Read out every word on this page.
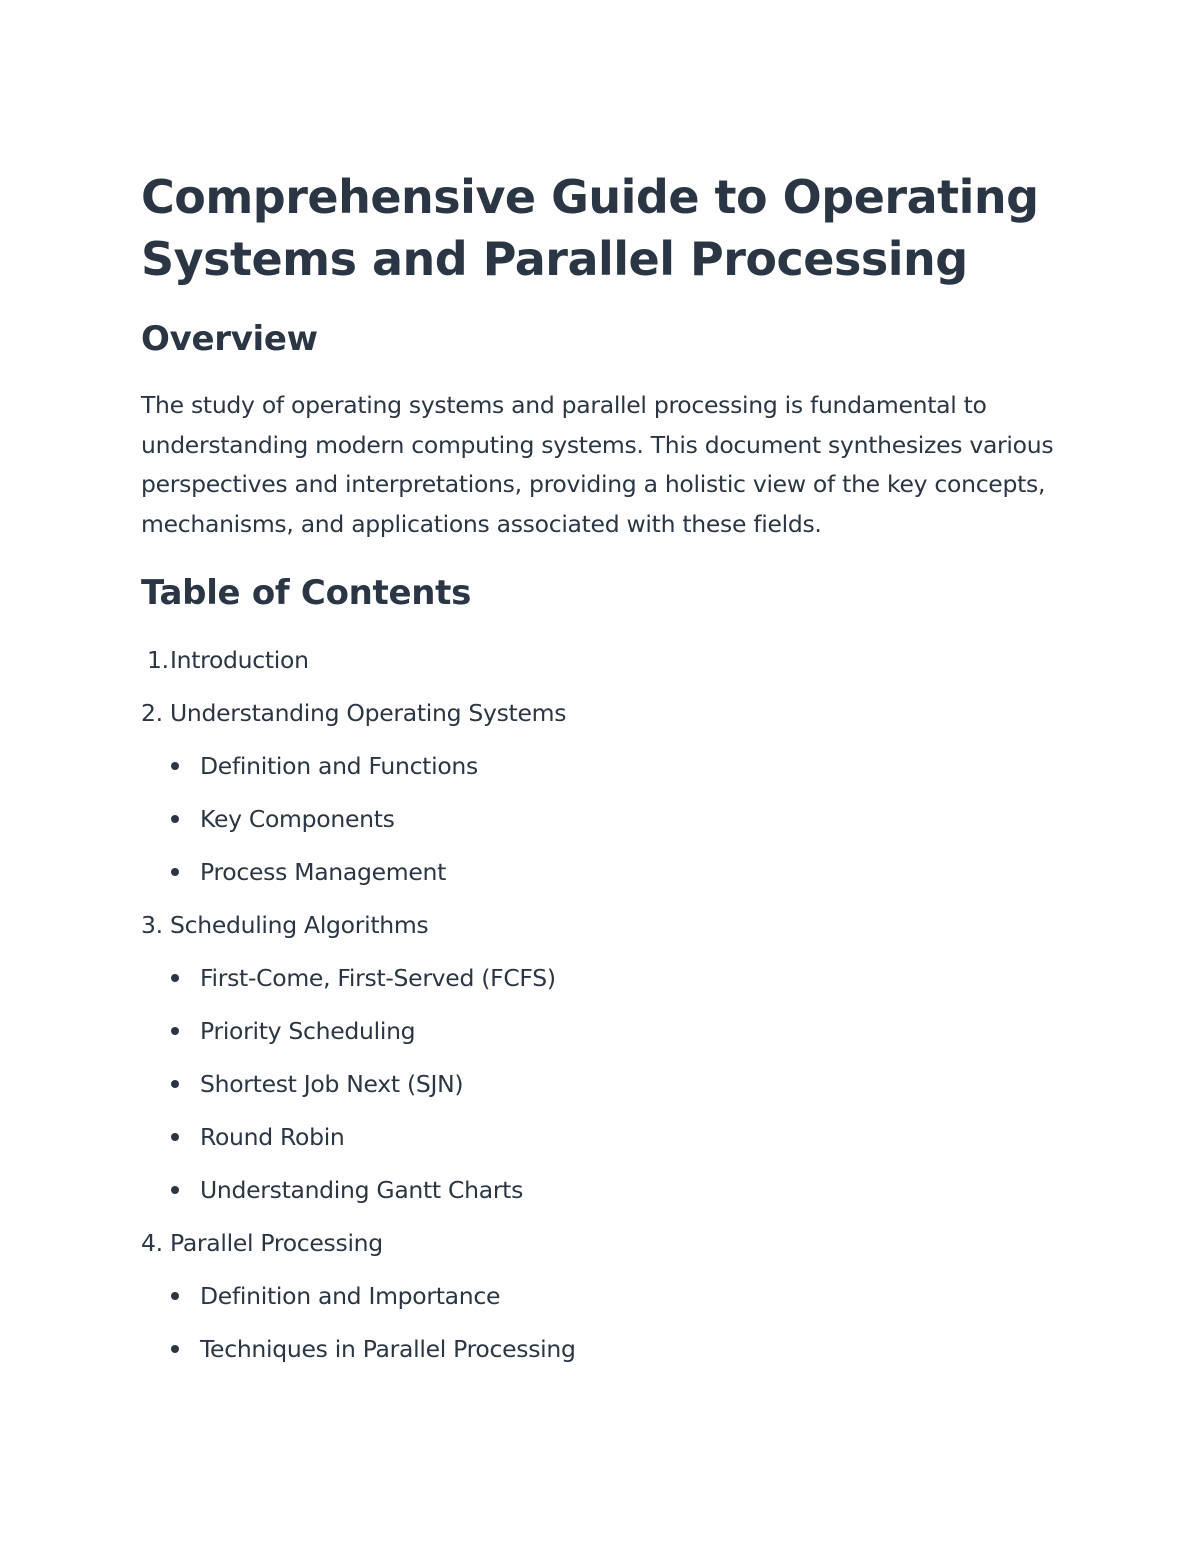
Comprehensive Guide to Operating Systems and Parallel Processing
Overview

The study of operating systems and parallel processing is fundamental to understanding modern computing systems. This document synthesizes various perspectives and interpretations, providing a holistic view of the key concepts, mechanisms, and applications associated with these fields.

Table of Contents
1.Introduction
2. Understanding Operating Systems
Definition and Functions
Key Components
Process Management
3. Scheduling Algorithms
First-Come, First-Served (FCFS)
Priority Scheduling
Shortest Job Next (SJN)
Round Robin
Understanding Gantt Charts
4. Parallel Processing
Definition and Importance
Techniques in Parallel Processing
